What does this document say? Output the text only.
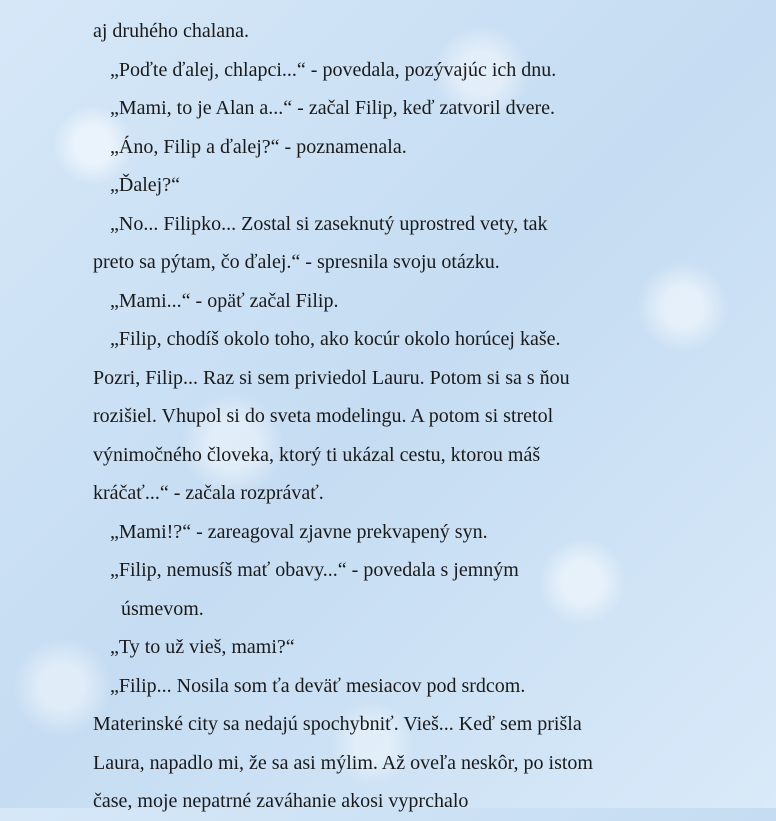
aj druhého chalana.
„Poďte ďalej, chlapci...“ - povedala, pozývajúc ich dnu.
„Mami, to je Alan a...“ - začal Filip, keď zatvoril dvere.
„Áno, Filip a ďalej?“ - poznamenala.
„Ďalej?“
„No... Filipko... Zostal si zaseknutý uprostred vety, tak
preto sa pýtam, čo ďalej.“ - spresnila svoju otázku.
„Mami...“ - opäť začal Filip.
„Filip, chodíš okolo toho, ako kocúr okolo horúcej kaše.
Pozri, Filip... Raz si sem priviedol Lauru. Potom si sa s ňou
rozišiel. Vhupol si do sveta modelingu. A potom si stretol
výnimočného človeka, ktorý ti ukázal cestu, ktorou máš
kráčať...“ - začala rozprávať.
„Mami!?“ - zareagoval zjavne prekvapený syn.
„Filip, nemusíš mať obavy...“ - povedala s jemným
úsmevom.
„Ty to už vieš, mami?“
„Filip... Nosila som ťa deväť mesiacov pod srdcom.
Materinské city sa nedajú spochybniť. Vieš... Keď sem prišla
Laura, napadlo mi, že sa asi mýlim. Až oveľa neskôr, po istom
čase, moje nepatrné zaváhanie akosi vyprchalo
